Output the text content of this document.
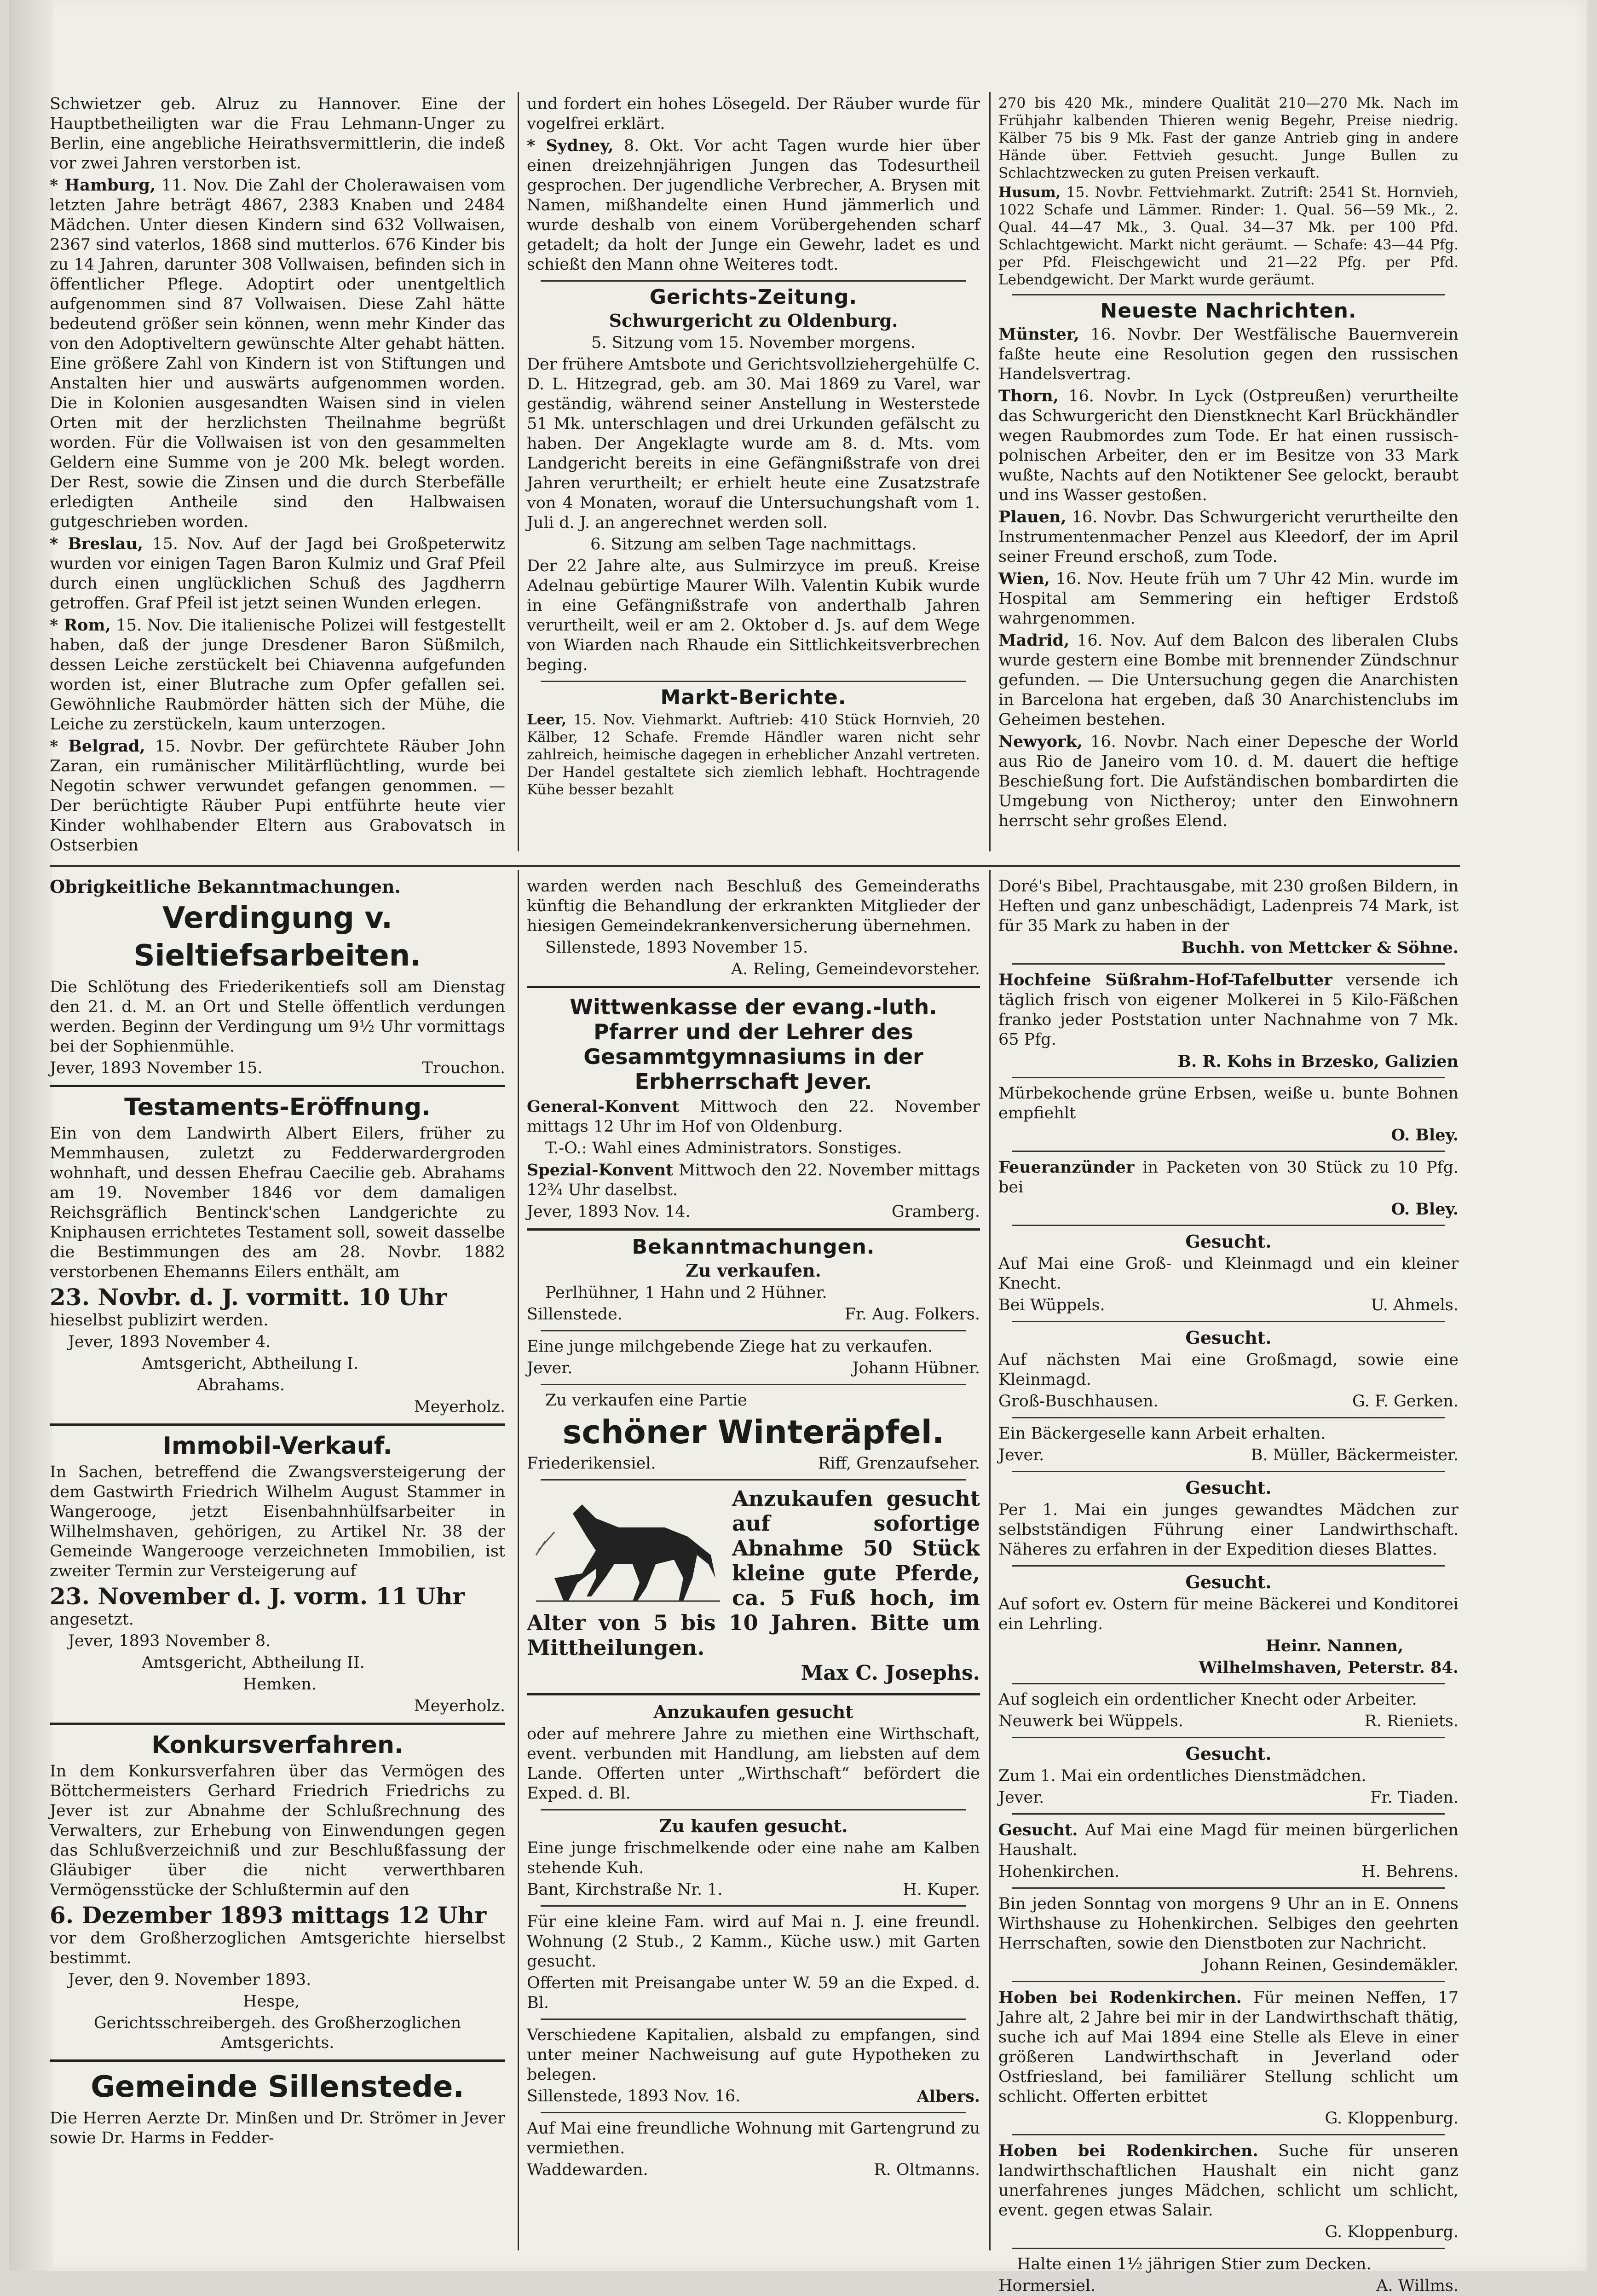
Schwietzer geb. Alruz zu Hannover. Eine der Hauptbetheiligten war die Frau Lehmann-Unger zu Berlin, eine angebliche Heirathsvermittlerin, die indeß vor zwei Jahren verstorben ist.

* Hamburg, 11. Nov. Die Zahl der Cholerawaisen vom letzten Jahre beträgt 4867, 2383 Knaben und 2484 Mädchen. Unter diesen Kindern sind 632 Vollwaisen, 2367 sind vaterlos, 1868 sind mutterlos. 676 Kinder bis zu 14 Jahren, darunter 308 Vollwaisen, befinden sich in öffentlicher Pflege. Adoptirt oder unentgeltlich aufgenommen sind 87 Vollwaisen. Diese Zahl hätte bedeutend größer sein können, wenn mehr Kinder das von den Adoptiveltern gewünschte Alter gehabt hätten. Eine größere Zahl von Kindern ist von Stiftungen und Anstalten hier und auswärts aufgenommen worden. Die in Kolonien ausgesandten Waisen sind in vielen Orten mit der herzlichsten Theilnahme begrüßt worden. Für die Vollwaisen ist von den gesammelten Geldern eine Summe von je 200 Mk. belegt worden. Der Rest, sowie die Zinsen und die durch Sterbefälle erledigten Antheile sind den Halbwaisen gutgeschrieben worden.

* Breslau, 15. Nov. Auf der Jagd bei Großpeterwitz wurden vor einigen Tagen Baron Kulmiz und Graf Pfeil durch einen unglücklichen Schuß des Jagdherrn getroffen. Graf Pfeil ist jetzt seinen Wunden erlegen.

* Rom, 15. Nov. Die italienische Polizei will festgestellt haben, daß der junge Dresdener Baron Süßmilch, dessen Leiche zerstückelt bei Chiavenna aufgefunden worden ist, einer Blutrache zum Opfer gefallen sei. Gewöhnliche Raubmörder hätten sich der Mühe, die Leiche zu zerstückeln, kaum unterzogen.

* Belgrad, 15. Novbr. Der gefürchtete Räuber John Zaran, ein rumänischer Militärflüchtling, wurde bei Negotin schwer verwundet gefangen genommen. — Der berüchtigte Räuber Pupi entführte heute vier Kinder wohlhabender Eltern aus Grabovatsch in Ostserbien

und fordert ein hohes Lösegeld. Der Räuber wurde für vogelfrei erklärt.

* Sydney, 8. Okt. Vor acht Tagen wurde hier über einen dreizehnjährigen Jungen das Todesurtheil gesprochen. Der jugendliche Verbrecher, A. Brysen mit Namen, mißhandelte einen Hund jämmerlich und wurde deshalb von einem Vorübergehenden scharf getadelt; da holt der Junge ein Gewehr, ladet es und schießt den Mann ohne Weiteres todt.

Gerichts-Zeitung.
Schwurgericht zu Oldenburg.

5. Sitzung vom 15. November morgens.

Der frühere Amtsbote und Gerichtsvollziehergehülfe C. D. L. Hitzegrad, geb. am 30. Mai 1869 zu Varel, war geständig, während seiner Anstellung in Westerstede 51 Mk. unterschlagen und drei Urkunden gefälscht zu haben. Der Angeklagte wurde am 8. d. Mts. vom Landgericht bereits in eine Gefängnißstrafe von drei Jahren verurtheilt; er erhielt heute eine Zusatzstrafe von 4 Monaten, worauf die Untersuchungshaft vom 1. Juli d. J. an angerechnet werden soll.

6. Sitzung am selben Tage nachmittags.

Der 22 Jahre alte, aus Sulmirzyce im preuß. Kreise Adelnau gebürtige Maurer Wilh. Valentin Kubik wurde in eine Gefängnißstrafe von anderthalb Jahren verurtheilt, weil er am 2. Oktober d. Js. auf dem Wege von Wiarden nach Rhaude ein Sittlichkeitsverbrechen beging.

Markt-Berichte.

Leer, 15. Nov. Viehmarkt. Auftrieb: 410 Stück Hornvieh, 20 Kälber, 12 Schafe. Fremde Händler waren nicht sehr zahlreich, heimische dagegen in erheblicher Anzahl vertreten. Der Handel gestaltete sich ziemlich lebhaft. Hochtragende Kühe besser bezahlt

270 bis 420 Mk., mindere Qualität 210—270 Mk. Nach im Frühjahr kalbenden Thieren wenig Begehr, Preise niedrig. Kälber 75 bis 9 Mk. Fast der ganze Antrieb ging in andere Hände über. Fettvieh gesucht. Junge Bullen zu Schlachtzwecken zu guten Preisen verkauft.

Husum, 15. Novbr. Fettviehmarkt. Zutrift: 2541 St. Hornvieh, 1022 Schafe und Lämmer. Rinder: 1. Qual. 56—59 Mk., 2. Qual. 44—47 Mk., 3. Qual. 34—37 Mk. per 100 Pfd. Schlachtgewicht. Markt nicht geräumt. — Schafe: 43—44 Pfg. per Pfd. Fleischgewicht und 21—22 Pfg. per Pfd. Lebendgewicht. Der Markt wurde geräumt.

Neueste Nachrichten.

Münster, 16. Novbr. Der Westfälische Bauernverein faßte heute eine Resolution gegen den russischen Handelsvertrag.

Thorn, 16. Novbr. In Lyck (Ostpreußen) verurtheilte das Schwurgericht den Dienstknecht Karl Brückhändler wegen Raubmordes zum Tode. Er hat einen russisch-polnischen Arbeiter, den er im Besitze von 33 Mark wußte, Nachts auf den Notiktener See gelockt, beraubt und ins Wasser gestoßen.

Plauen, 16. Novbr. Das Schwurgericht verurtheilte den Instrumentenmacher Penzel aus Kleedorf, der im April seiner Freund erschoß, zum Tode.

Wien, 16. Nov. Heute früh um 7 Uhr 42 Min. wurde im Hospital am Semmering ein heftiger Erdstoß wahrgenommen.

Madrid, 16. Nov. Auf dem Balcon des liberalen Clubs wurde gestern eine Bombe mit brennender Zündschnur gefunden. — Die Untersuchung gegen die Anarchisten in Barcelona hat ergeben, daß 30 Anarchistenclubs im Geheimen bestehen.

Newyork, 16. Novbr. Nach einer Depesche der World aus Rio de Janeiro vom 10. d. M. dauert die heftige Beschießung fort. Die Aufständischen bombardirten die Umgebung von Nictheroy; unter den Einwohnern herrscht sehr großes Elend.

Obrigkeitliche Bekanntmachungen.

Verdingung v. Sieltiefsarbeiten.

Die Schlötung des Friederikentiefs soll am Dienstag den 21. d. M. an Ort und Stelle öffentlich verdungen werden. Beginn der Verdingung um 9½ Uhr vormittags bei der Sophienmühle.

Jever, 1893 November 15.	Trouchon.
Testaments-Eröffnung.

Ein von dem Landwirth Albert Eilers, früher zu Memmhausen, zuletzt zu Fedderwardergroden wohnhaft, und dessen Ehefrau Caecilie geb. Abrahams am 19. November 1846 vor dem damaligen Reichsgräflich Bentinck'schen Landgerichte zu Kniphausen errichtetes Testament soll, soweit dasselbe die Bestimmungen des am 28. Novbr. 1882 verstorbenen Ehemanns Eilers enthält, am

23. Novbr. d. J. vormitt. 10 Uhr

hieselbst publizirt werden.

Jever, 1893 November 4.

Amtsgericht, Abtheilung I.

Abrahams.

Meyerholz.

Immobil-Verkauf.

In Sachen, betreffend die Zwangsversteigerung der dem Gastwirth Friedrich Wilhelm August Stammer in Wangerooge, jetzt Eisenbahnhülfsarbeiter in Wilhelmshaven, gehörigen, zu Artikel Nr. 38 der Gemeinde Wangerooge verzeichneten Immobilien, ist zweiter Termin zur Versteigerung auf

23. November d. J. vorm. 11 Uhr

angesetzt.

Jever, 1893 November 8.

Amtsgericht, Abtheilung II.

Hemken.

Meyerholz.

Konkursverfahren.

In dem Konkursverfahren über das Vermögen des Böttchermeisters Gerhard Friedrich Friedrichs zu Jever ist zur Abnahme der Schlußrechnung des Verwalters, zur Erhebung von Einwendungen gegen das Schlußverzeichniß und zur Beschlußfassung der Gläubiger über die nicht verwerthbaren Vermögensstücke der Schlußtermin auf den

6. Dezember 1893 mittags 12 Uhr

vor dem Großherzoglichen Amtsgerichte hierselbst bestimmt.

Jever, den 9. November 1893.

Hespe,

Gerichtsschreibergeh. des Großherzoglichen Amtsgerichts.

Gemeinde Sillenstede.

Die Herren Aerzte Dr. Minßen und Dr. Strömer in Jever sowie Dr. Harms in Fedder-

warden werden nach Beschluß des Gemeinderaths künftig die Behandlung der erkrankten Mitglieder der hiesigen Gemeindekrankenversicherung übernehmen.

Sillenstede, 1893 November 15.

A. Reling, Gemeindevorsteher.

Wittwenkasse der evang.-luth. Pfarrer und der Lehrer des Gesammtgymnasiums in der Erbherrschaft Jever.

General-Konvent Mittwoch den 22. November mittags 12 Uhr im Hof von Oldenburg.

T.-O.: Wahl eines Administrators. Sonstiges.

Spezial-Konvent Mittwoch den 22. November mittags 12¾ Uhr daselbst.

Jever, 1893 Nov. 14.	Gramberg.
Bekanntmachungen.
Zu verkaufen.

Perlhühner, 1 Hahn und 2 Hühner.

Sillenstede.	Fr. Aug. Folkers.

Eine junge milchgebende Ziege hat zu verkaufen.

Jever.	Johann Hübner.

Zu verkaufen eine Partie

schöner Winteräpfel.
Friederikensiel.	Riff, Grenzaufseher.
Anzukaufen gesucht auf sofortige Abnahme 50 Stück kleine gute Pferde, ca. 5 Fuß hoch, im Alter von 5 bis 10 Jahren. Bitte um Mittheilungen.

Max C. Josephs.

Anzukaufen gesucht

oder auf mehrere Jahre zu miethen eine Wirthschaft, event. verbunden mit Handlung, am liebsten auf dem Lande. Offerten unter „Wirthschaft“ befördert die Exped. d. Bl.

Zu kaufen gesucht.

Eine junge frischmelkende oder eine nahe am Kalben stehende Kuh.

Bant, Kirchstraße Nr. 1.	H. Kuper.

Für eine kleine Fam. wird auf Mai n. J. eine freundl. Wohnung (2 Stub., 2 Kamm., Küche usw.) mit Garten gesucht.

Offerten mit Preisangabe unter W. 59 an die Exped. d. Bl.

Verschiedene Kapitalien, alsbald zu empfangen, sind unter meiner Nachweisung auf gute Hypotheken zu belegen.

Sillenstede, 1893 Nov. 16.	Albers.

Auf Mai eine freundliche Wohnung mit Gartengrund zu vermiethen.

Waddewarden.	R. Oltmanns.

Doré's Bibel, Prachtausgabe, mit 230 großen Bildern, in Heften und ganz unbeschädigt, Ladenpreis 74 Mark, ist für 35 Mark zu haben in der

Buchh. von Mettcker & Söhne.

Hochfeine Süßrahm-Hof-Tafelbutter versende ich täglich frisch von eigener Molkerei in 5 Kilo-Fäßchen franko jeder Poststation unter Nachnahme von 7 Mk. 65 Pfg.

B. R. Kohs in Brzesko, Galizien

Mürbekochende grüne Erbsen, weiße u. bunte Bohnen empfiehlt

O. Bley.

Feueranzünder in Packeten von 30 Stück zu 10 Pfg. bei

O. Bley.

Gesucht.

Auf Mai eine Groß- und Kleinmagd und ein kleiner Knecht.

Bei Wüppels.	U. Ahmels.
Gesucht.

Auf nächsten Mai eine Großmagd, sowie eine Kleinmagd.

Groß-Buschhausen.	G. F. Gerken.

Ein Bäckergeselle kann Arbeit erhalten.

Jever.	B. Müller, Bäckermeister.
Gesucht.

Per 1. Mai ein junges gewandtes Mädchen zur selbstständigen Führung einer Landwirthschaft. Näheres zu erfahren in der Expedition dieses Blattes.

Gesucht.

Auf sofort ev. Ostern für meine Bäckerei und Konditorei ein Lehrling.

Heinr. Nannen,

Wilhelmshaven, Peterstr. 84.

Auf sogleich ein ordentlicher Knecht oder Arbeiter.

Neuwerk bei Wüppels.	R. Rieniets.
Gesucht.

Zum 1. Mai ein ordentliches Dienstmädchen.

Jever.	Fr. Tiaden.

Gesucht. Auf Mai eine Magd für meinen bürgerlichen Haushalt.

Hohenkirchen.	H. Behrens.

Bin jeden Sonntag von morgens 9 Uhr an in E. Onnens Wirthshause zu Hohenkirchen. Selbiges den geehrten Herrschaften, sowie den Dienstboten zur Nachricht.

Johann Reinen, Gesindemäkler.

Hoben bei Rodenkirchen. Für meinen Neffen, 17 Jahre alt, 2 Jahre bei mir in der Landwirthschaft thätig, suche ich auf Mai 1894 eine Stelle als Eleve in einer größeren Landwirthschaft in Jeverland oder Ostfriesland, bei familiärer Stellung schlicht um schlicht. Offerten erbittet

G. Kloppenburg.

Hoben bei Rodenkirchen. Suche für unseren landwirthschaftlichen Haushalt ein nicht ganz unerfahrenes junges Mädchen, schlicht um schlicht, event. gegen etwas Salair.

G. Kloppenburg.

Halte einen 1½ jährigen Stier zum Decken.

Hormersiel.	A. Willms.
